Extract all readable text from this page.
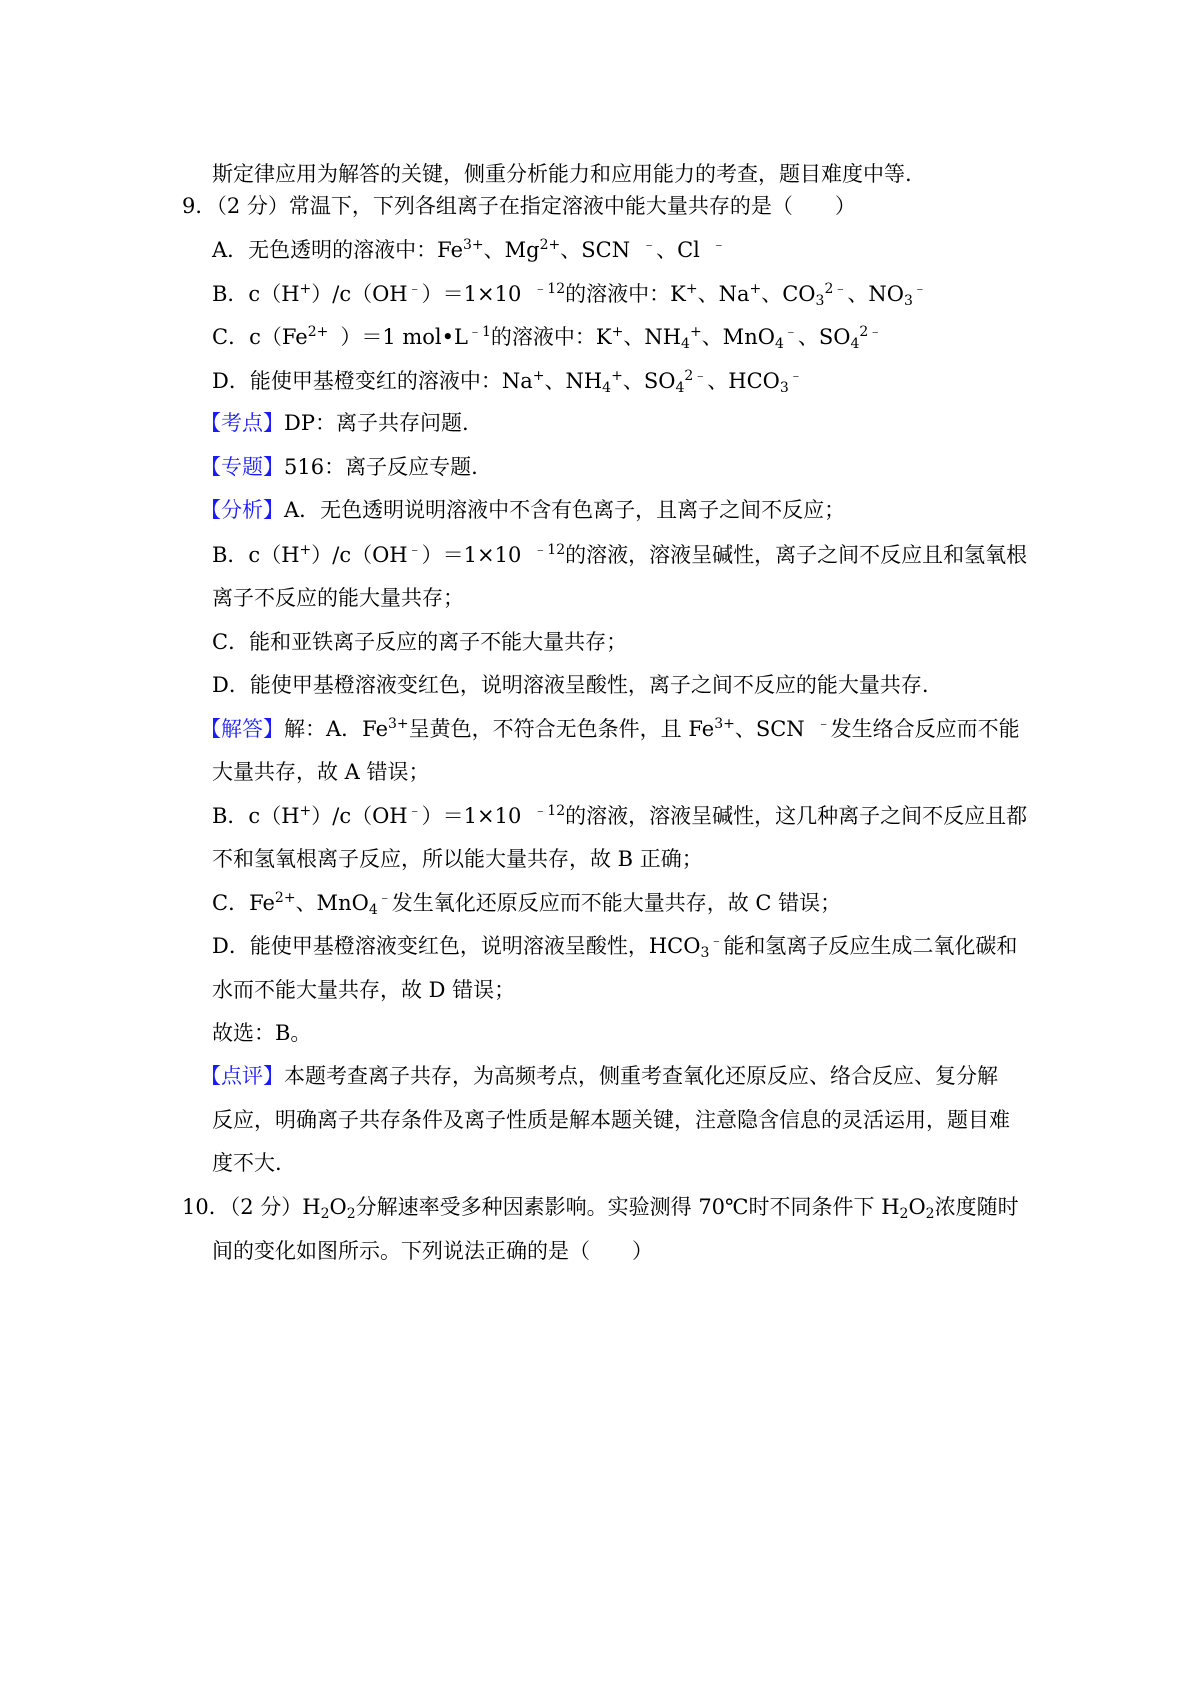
斯定律应用为解答的关键，侧重分析能力和应用能力的考查，题目难度中等.
9．（2 分）常温下，下列各组离子在指定溶液中能大量共存的是（　　）
A．无色透明的溶液中：$Fe^{3+}$、$Mg^{2+}$、SCN ﹣、Cl ﹣
B．c（H+）/c（OH﹣）＝1×10 $^{﹣12}$的溶液中：K+、Na+、$CO_3^{2﹣}$、$NO_3^﹣$
C．$c(Fe^{2+}$ ）＝1 $mol•L^{﹣1}$的溶液中：K+、$NH_4^+$、MnO$_4$﹣、$SO_4^{2﹣}$
D．能使甲基橙变红的溶液中：Na+、$NH_4^+$、$SO_4^{2﹣}$、$HCO_3^﹣$
【考点】DP：离子共存问题.
【专题】516：离子反应专题.
【分析】A．无色透明说明溶液中不含有色离子，且离子之间不反应；
B．c（H+）/c（OH﹣）＝1×10 $^{﹣12}$的溶液，溶液呈碱性，离子之间不反应且和氢氧根
离子不反应的能大量共存；
C．能和亚铁离子反应的离子不能大量共存；
D．能使甲基橙溶液变红色，说明溶液呈酸性，离子之间不反应的能大量共存.
【解答】解：A．$Fe^{3+}$呈黄色，不符合无色条件，且 $Fe^{3+}$、SCN ﹣发生络合反应而不能
大量共存，故 A 错误；
B．c（H+）/c（OH﹣）＝1×10 $^{﹣12}$的溶液，溶液呈碱性，这几种离子之间不反应且都
不和氢氧根离子反应，所以能大量共存，故 B 正确；
C．$Fe^{2+}$、MnO$_4$﹣发生氧化还原反应而不能大量共存，故 C 错误；
D．能使甲基橙溶液变红色，说明溶液呈酸性，$HCO_3^﹣$能和氢离子反应生成二氧化碳和
水而不能大量共存，故 D 错误；
故选：B。
【点评】本题考查离子共存，为高频考点，侧重考查氧化还原反应、络合反应、复分解
反应，明确离子共存条件及离子性质是解本题关键，注意隐含信息的灵活运用，题目难
度不大.
10．（2 分）$H_2O_2$分解速率受多种因素影响。实验测得 70℃时不同条件下 $H_2O_2$浓度随时
间的变化如图所示。下列说法正确的是（　　）
